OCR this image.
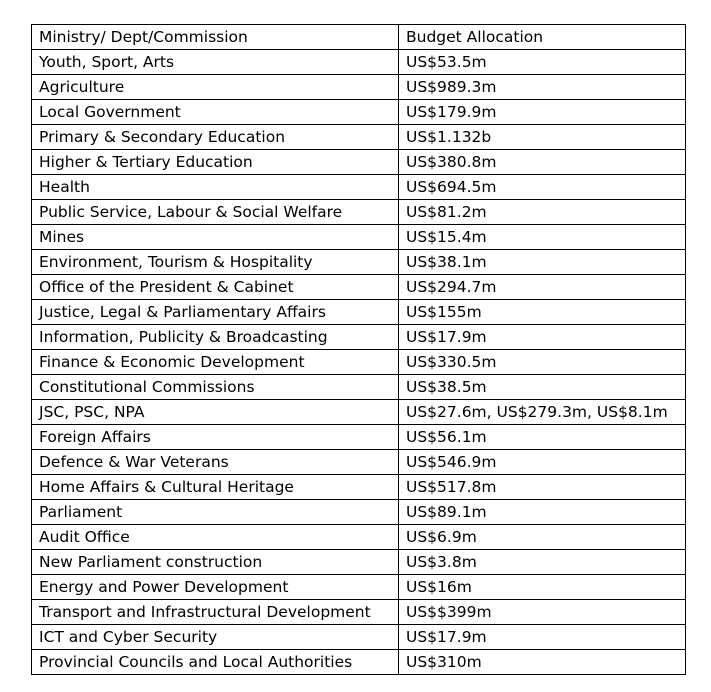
Ministry/ Dept/Commission	Budget Allocation
Youth, Sport, Arts	US$53.5m
Agriculture	US$989.3m
Local Government	US$179.9m
Primary & Secondary Education	US$1.132b
Higher & Tertiary Education	US$380.8m
Health	US$694.5m
Public Service, Labour & Social Welfare	US$81.2m
Mines	US$15.4m
Environment, Tourism & Hospitality	US$38.1m
Office of the President & Cabinet	US$294.7m
Justice, Legal & Parliamentary Affairs	US$155m
Information, Publicity & Broadcasting	US$17.9m
Finance & Economic Development	US$330.5m
Constitutional Commissions	US$38.5m
JSC, PSC, NPA	US$27.6m, US$279.3m, US$8.1m
Foreign Affairs	US$56.1m
Defence & War Veterans	US$546.9m
Home Affairs & Cultural Heritage	US$517.8m
Parliament	US$89.1m
Audit Office	US$6.9m
New Parliament construction	US$3.8m
Energy and Power Development	US$16m
Transport and Infrastructural Development	US$$399m
ICT and Cyber Security	US$17.9m
Provincial Councils and Local Authorities	US$310m
